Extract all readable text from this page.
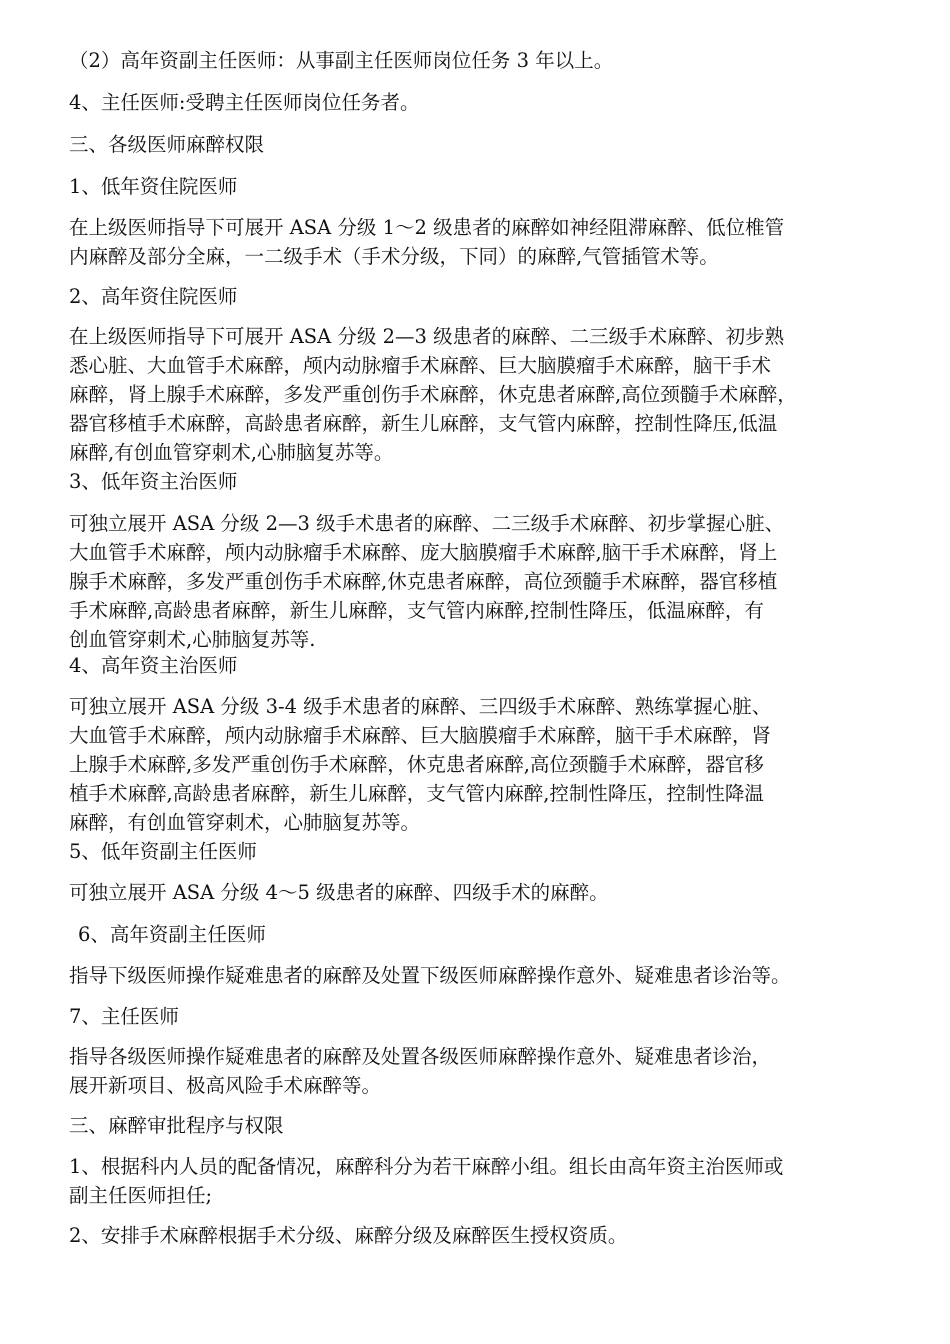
（2）高年资副主任医师：从事副主任医师岗位任务 3 年以上。
4、主任医师:受聘主任医师岗位任务者。
三、各级医师麻醉权限
1、低年资住院医师
在上级医师指导下可展开 ASA 分级 1～2 级患者的麻醉如神经阻滞麻醉、低位椎管
内麻醉及部分全麻，一二级手术（手术分级，下同）的麻醉,气管插管术等。
2、高年资住院医师
在上级医师指导下可展开 ASA 分级 2—3 级患者的麻醉、二三级手术麻醉、初步熟
悉心脏、大血管手术麻醉，颅内动脉瘤手术麻醉、巨大脑膜瘤手术麻醉，脑干手术
麻醉，肾上腺手术麻醉，多发严重创伤手术麻醉，休克患者麻醉,高位颈髓手术麻醉，
器官移植手术麻醉，高龄患者麻醉，新生儿麻醉，支气管内麻醉，控制性降压,低温
麻醉,有创血管穿刺术,心肺脑复苏等。
3、低年资主治医师
可独立展开 ASA 分级 2—3 级手术患者的麻醉、二三级手术麻醉、初步掌握心脏、
大血管手术麻醉，颅内动脉瘤手术麻醉、庞大脑膜瘤手术麻醉,脑干手术麻醉，肾上
腺手术麻醉，多发严重创伤手术麻醉,休克患者麻醉，高位颈髓手术麻醉，器官移植
手术麻醉,高龄患者麻醉，新生儿麻醉，支气管内麻醉,控制性降压，低温麻醉，有
创血管穿刺术,心肺脑复苏等.
4、高年资主治医师
可独立展开 ASA 分级 3-4 级手术患者的麻醉、三四级手术麻醉、熟练掌握心脏、
大血管手术麻醉，颅内动脉瘤手术麻醉、巨大脑膜瘤手术麻醉，脑干手术麻醉，肾
上腺手术麻醉,多发严重创伤手术麻醉，休克患者麻醉,高位颈髓手术麻醉，器官移
植手术麻醉,高龄患者麻醉，新生儿麻醉，支气管内麻醉,控制性降压，控制性降温
麻醉，有创血管穿刺术，心肺脑复苏等。
5、低年资副主任医师
可独立展开 ASA 分级 4～5 级患者的麻醉、四级手术的麻醉。
6、高年资副主任医师
指导下级医师操作疑难患者的麻醉及处置下级医师麻醉操作意外、疑难患者诊治等。
7、主任医师
指导各级医师操作疑难患者的麻醉及处置各级医师麻醉操作意外、疑难患者诊治，
展开新项目、极高风险手术麻醉等。
三、麻醉审批程序与权限
1、根据科内人员的配备情况，麻醉科分为若干麻醉小组。组长由高年资主治医师或
副主任医师担任;
2、安排手术麻醉根据手术分级、麻醉分级及麻醉医生授权资质。
